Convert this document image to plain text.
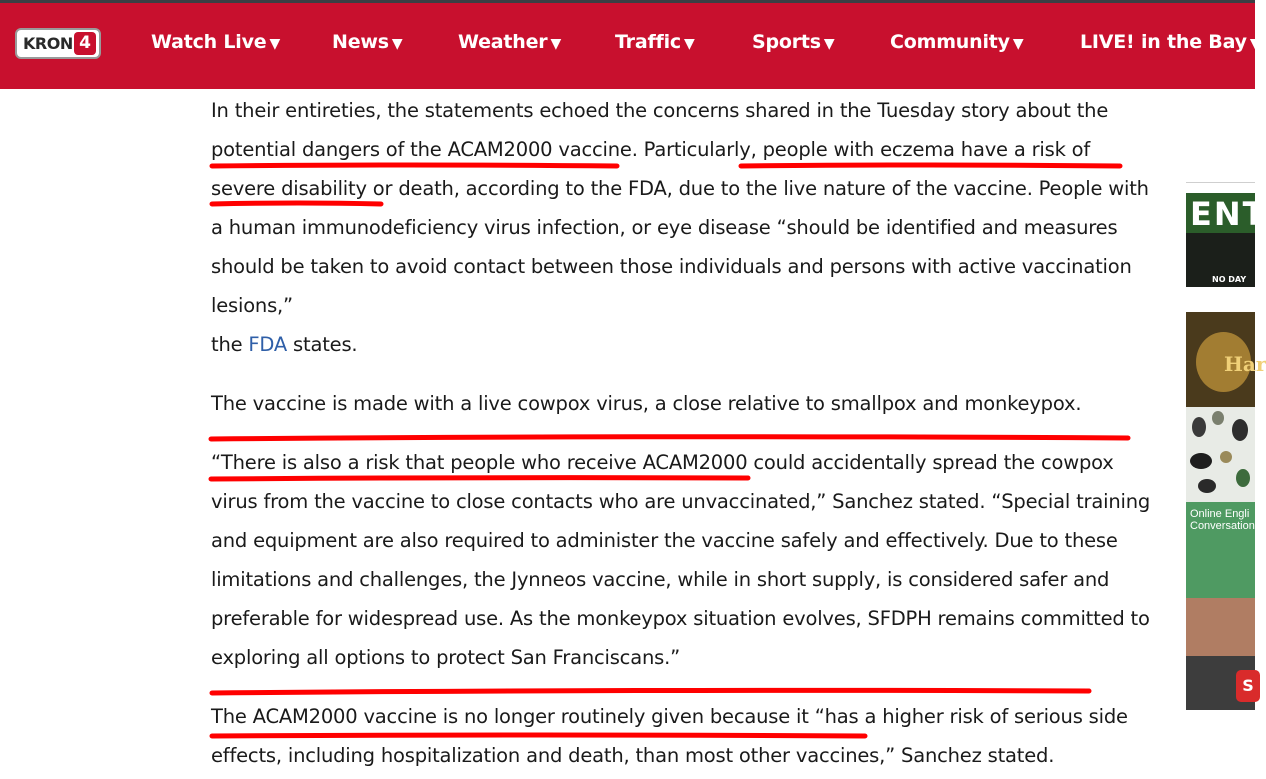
KRON 4	Watch Live ▼	News ▼	Weather ▼	Traffic ▼	Sports ▼	Community ▼	LIVE! in the Bay ▼

In their entireties, the statements echoed the concerns shared in the Tuesday story about the potential dangers of the ACAM2000 vaccine. Particularly, people with eczema have a risk of severe disability or death, according to the FDA, due to the live nature of the vaccine. People with a human immunodeficiency virus infection, or eye disease “should be identified and measures should be taken to avoid contact between those individuals and persons with active vaccination lesions,”
the FDA states.

The vaccine is made with a live cowpox virus, a close relative to smallpox and monkeypox.

“There is also a risk that people who receive ACAM2000 could accidentally spread the cowpox virus from the vaccine to close contacts who are unvaccinated,” Sanchez stated. “Special training and equipment are also required to administer the vaccine safely and effectively. Due to these limitations and challenges, the Jynneos vaccine, while in short supply, is considered safer and preferable for widespread use. As the monkeypox situation evolves, SFDPH remains committed to exploring all options to protect San Franciscans.”

The ACAM2000 vaccine is no longer routinely given because it “has a higher risk of serious side effects, including hospitalization and death, than most other vaccines,” Sanchez stated.

ENT
NO DAY
Har
Online Engli Conversation
S
